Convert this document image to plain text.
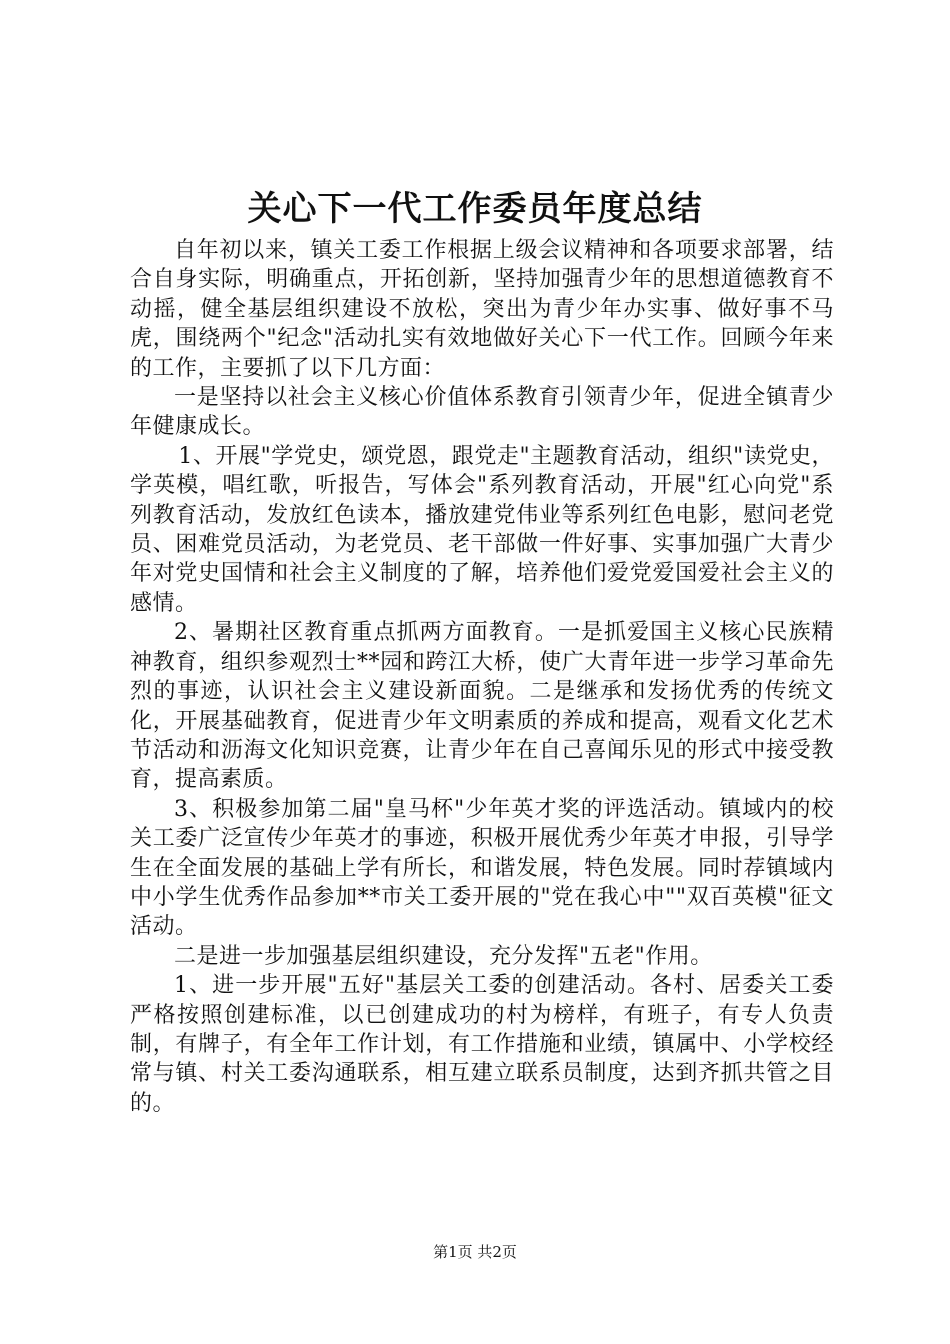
关心下一代工作委员年度总结

自年初以来，镇关工委工作根据上级会议精神和各项要求部署，结合自身实际，明确重点，开拓创新，坚持加强青少年的思想道德教育不动摇，健全基层组织建设不放松，突出为青少年办实事、做好事不马虎，围绕两个"纪念"活动扎实有效地做好关心下一代工作。回顾今年来的工作，主要抓了以下几方面：

一是坚持以社会主义核心价值体系教育引领青少年，促进全镇青少年健康成长。

1、开展"学党史，颂党恩，跟党走"主题教育活动，组织"读党史，学英模，唱红歌，听报告，写体会"系列教育活动，开展"红心向党"系列教育活动，发放红色读本，播放建党伟业等系列红色电影，慰问老党员、困难党员活动，为老党员、老干部做一件好事、实事加强广大青少年对党史国情和社会主义制度的了解，培养他们爱党爱国爱社会主义的感情。

2、暑期社区教育重点抓两方面教育。一是抓爱国主义核心民族精神教育，组织参观烈士**园和跨江大桥，使广大青年进一步学习革命先烈的事迹，认识社会主义建设新面貌。二是继承和发扬优秀的传统文化，开展基础教育，促进青少年文明素质的养成和提高，观看文化艺术节活动和沥海文化知识竞赛，让青少年在自己喜闻乐见的形式中接受教育，提高素质。

3、积极参加第二届"皇马杯"少年英才奖的评选活动。镇域内的校关工委广泛宣传少年英才的事迹，积极开展优秀少年英才申报，引导学生在全面发展的基础上学有所长，和谐发展，特色发展。同时荐镇域内中小学生优秀作品参加**市关工委开展的"党在我心中""双百英模"征文活动。

二是进一步加强基层组织建设，充分发挥"五老"作用。

1、进一步开展"五好"基层关工委的创建活动。各村、居委关工委严格按照创建标准，以已创建成功的村为榜样，有班子，有专人负责制，有牌子，有全年工作计划，有工作措施和业绩，镇属中、小学校经常与镇、村关工委沟通联系，相互建立联系员制度，达到齐抓共管之目的。

第1页 共2页
